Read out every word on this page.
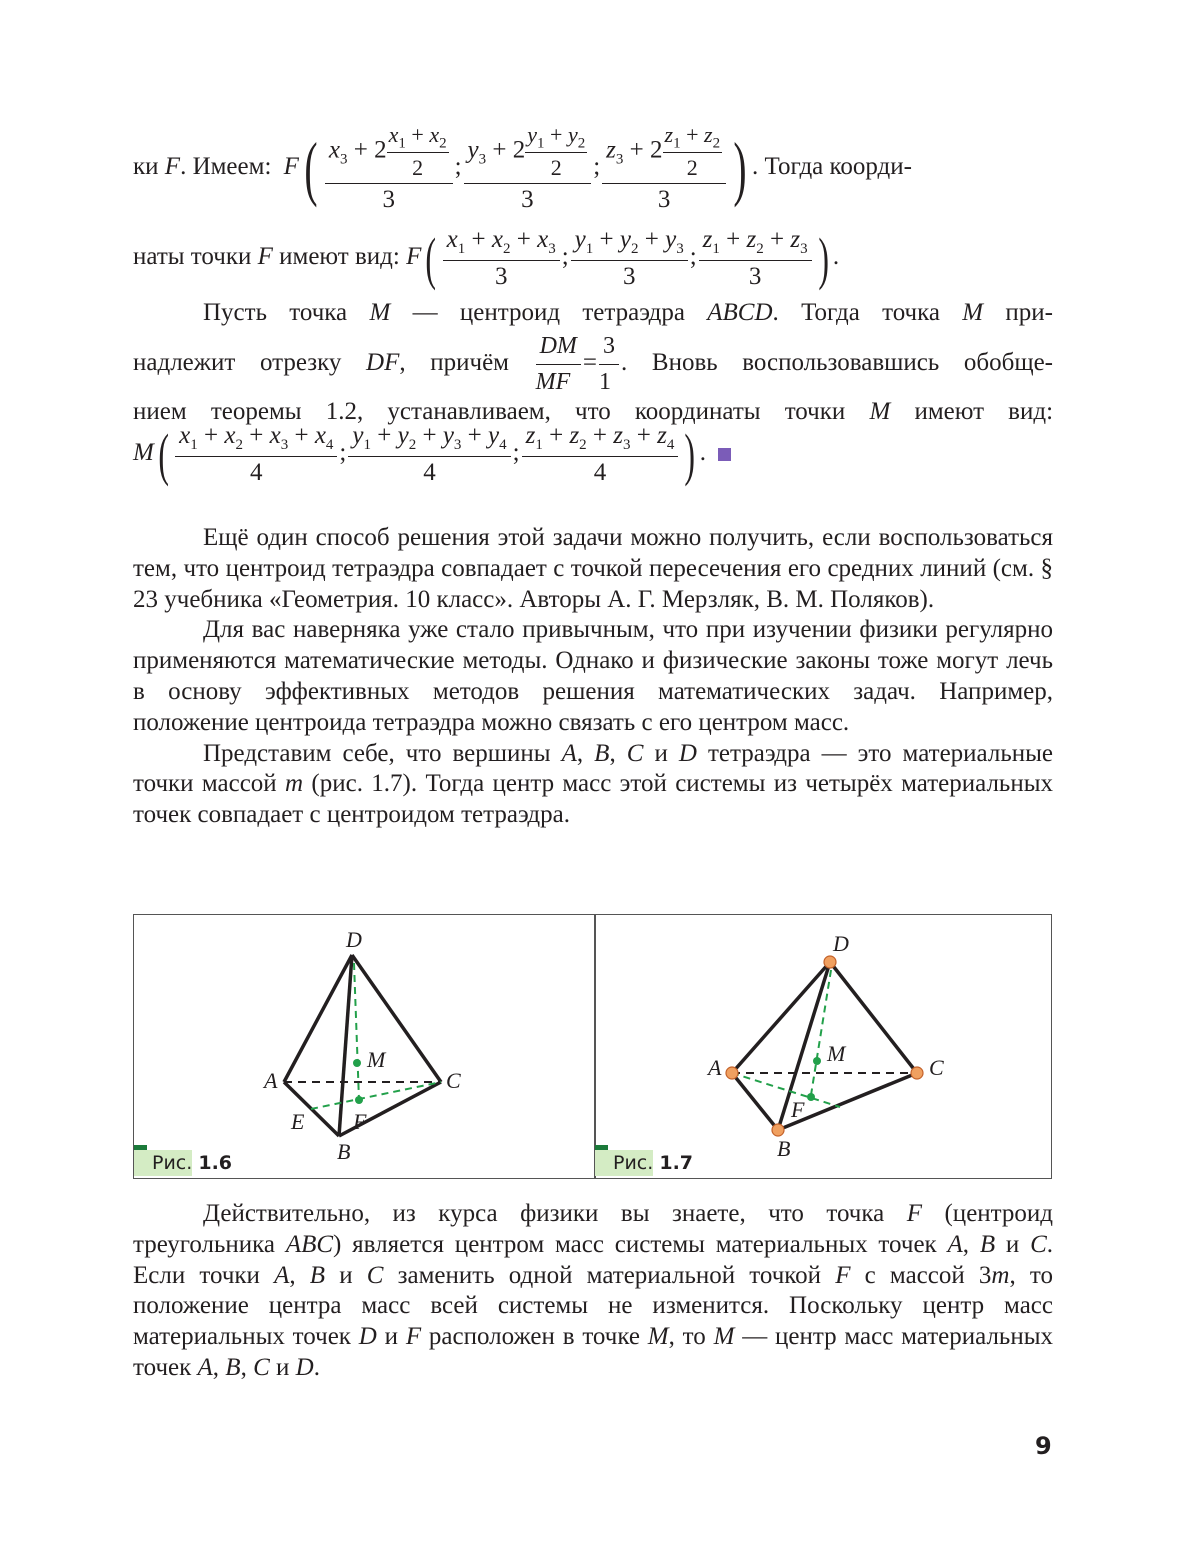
ки F. Имеем: $F( \frac{x_3 + 2 \frac{x_1 + x_2}{2}}{3}$ ; $\frac{y_3 + 2 \frac{y_1 + y_2}{2}}{3}$ ; $\frac{z_3 + 2 \frac{z_1 + z_2}{2}}{3}$ ) . Тогда коорди-
наты точки F имеют вид: $F( \frac{x_1 + x_2 + x_3}{3}$ ; $\frac{y_1 + y_2 + y_3}{3}$ ; $\frac{z_1 + z_2 + z_3}{3}$ ) .
Пусть точка M — центроид тетраэдра ABCD. Тогда точка M при-
надлежит отрезку DF, причём $\frac{DM}{MF} = \frac{3}{1}$ . Вновь воспользовавшись обобще-
нием теоремы 1.2, устанавливаем, что координаты точки M имеют вид:
$M( \frac{x_1 + x_2 + x_3 + x_4}{4}$ ; $\frac{y_1 + y_2 + y_3 + y_4}{4}$ ; $\frac{z_1 + z_2 + z_3 + z_4}{4}$ ) .

Ещё один способ решения этой задачи можно получить, если воспользоваться тем, что центроид тетраэдра совпадает с точкой пересечения его средних линий (см. § 23 учебника «Геометрия. 10 класс». Авторы А. Г. Мерзляк, В. М. Поляков).

Для вас наверняка уже стало привычным, что при изучении физики регулярно применяются математические методы. Однако и физические законы тоже могут лечь в основу эффективных методов решения математических задач. Например, положение центроида тетраэдра можно связать с его центром масс.

Представим себе, что вершины A, B, C и D тетраэдра — это материальные точки массой m (рис. 1.7). Тогда центр масс этой системы из четырёх материальных точек совпадает с центроидом тетраэдра.

D
A	C
B
E F
M
Рис. 1.6
D
A	C
B
F
M
Рис. 1.7

Действительно, из курса физики вы знаете, что точка F (центроид треугольника ABC) является центром масс системы материальных точек A, B и C. Если точки A, B и C заменить одной материальной точкой F с массой 3m, то положение центра масс всей системы не изменится. Поскольку центр масс материальных точек D и F расположен в точке M, то M — центр масс материальных точек A, B, C и D.

9
